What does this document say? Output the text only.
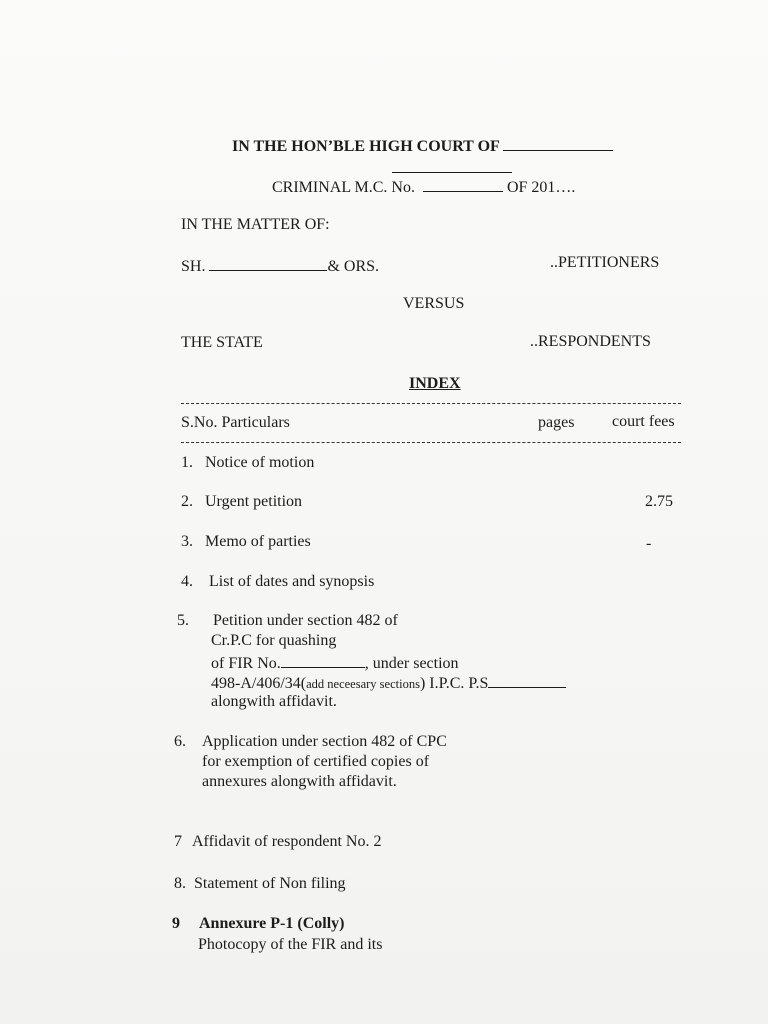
IN THE HON’BLE HIGH COURT OF
CRIMINAL M.C. No.	OF 201….
IN THE MATTER OF:
SH.	& ORS.	..PETITIONERS
VERSUS
THE STATE	..RESPONDENTS
INDEX
S.No. Particulars	pages court fees
1. Notice of motion
2. Urgent petition	2.75
3. Memo of parties	-
4. List of dates and synopsis
5. Petition under section 482 of
Cr.P.C for quashing
of FIR No.	, under section
498-A/406/34(add neceesary sections) I.P.C. P.S
alongwith affidavit.
6. Application under section 482 of CPC
for exemption of certified copies of
annexures alongwith affidavit.
7 Affidavit of respondent No. 2
8. Statement of Non filing
9 Annexure P-1 (Colly)
Photocopy of the FIR and its
